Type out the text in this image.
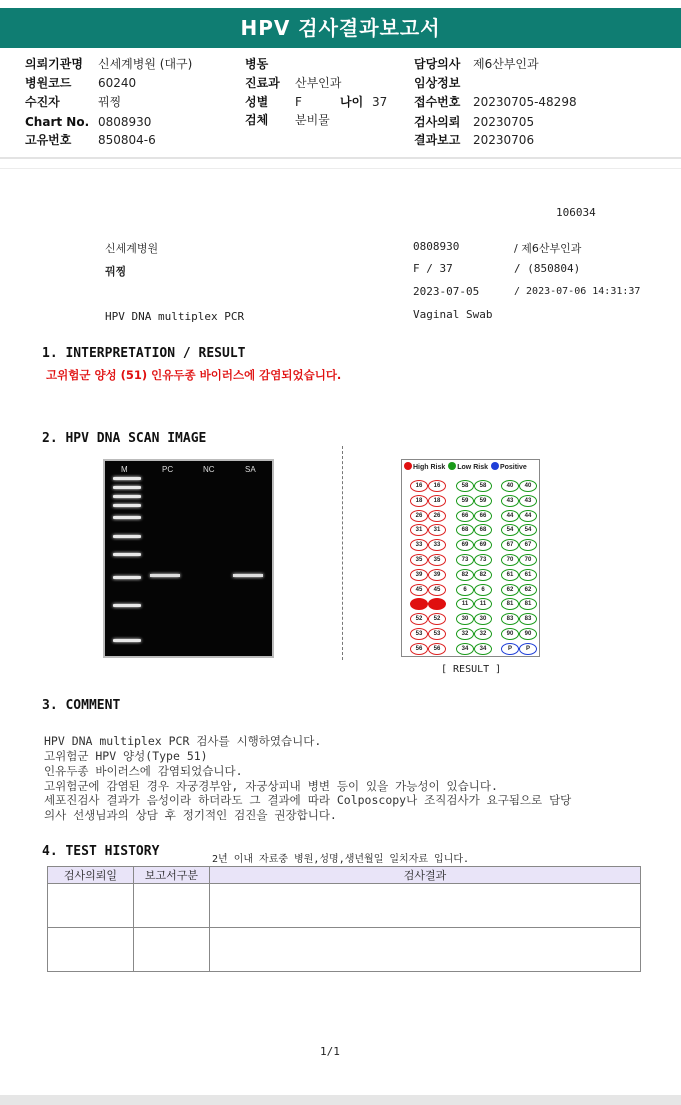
HPV 검사결과보고서
의뢰기관명 신세계병원 (대구)
병원코드 60240
수진자	꿔찡
Chart No. 0808930
고유번호 850804-6
병동
진료과 산부인과
성별 F	나이 37
검체 분비물
담당의사 제6산부인과
임상정보
접수번호 20230705-48298
검사의뢰 20230705
결과보고 20230706
106034
신세계병원
꿔찡
HPV DNA multiplex PCR
0808930	/ 제6산부인과
F / 37	/ (850804)
2023-07-05	/ 2023-07-06 14:31:37
Vaginal Swab
1. INTERPRETATION / RESULT
고위험군 양성 (51) 인유두종 바이러스에 감염되었습니다.
2. HPV DNA SCAN IMAGE
M	PC	NC	SA	High Risk Low Risk Positive
16	16	58	58	40	40
18	18	59	59	43	43
26	26	66	66	44	44
31	31	68	68	54	54
33	33	69	69	67	67
35	35	73	73	70	70
39	39	82	82	61	61
45	45	6	6	62	62
51	51	11	11	81	81
52	52	30	30	83	83
53	53	32	32	90	90
56	56	34	34	P	P
[ RESULT ]
3. COMMENT
HPV DNA multiplex PCR 검사를 시행하였습니다.
고위험군 HPV 양성(Type 51)
인유두종 바이러스에 감염되었습니다.
고위험군에 감염된 경우 자궁경부암, 자궁상피내 병변 등이 있을 가능성이 있습니다.
세포진검사 결과가 음성이라 하더라도 그 결과에 따라 Colposcopy나 조직검사가 요구됨으로 담당
의사 선생님과의 상담 후 정기적인 검진을 권장합니다.
4. TEST HISTORY
2년 이내 자료중 병원,성명,생년월일 일치자료 입니다.
검사의뢰일	보고서구분	검사결과

1/1
